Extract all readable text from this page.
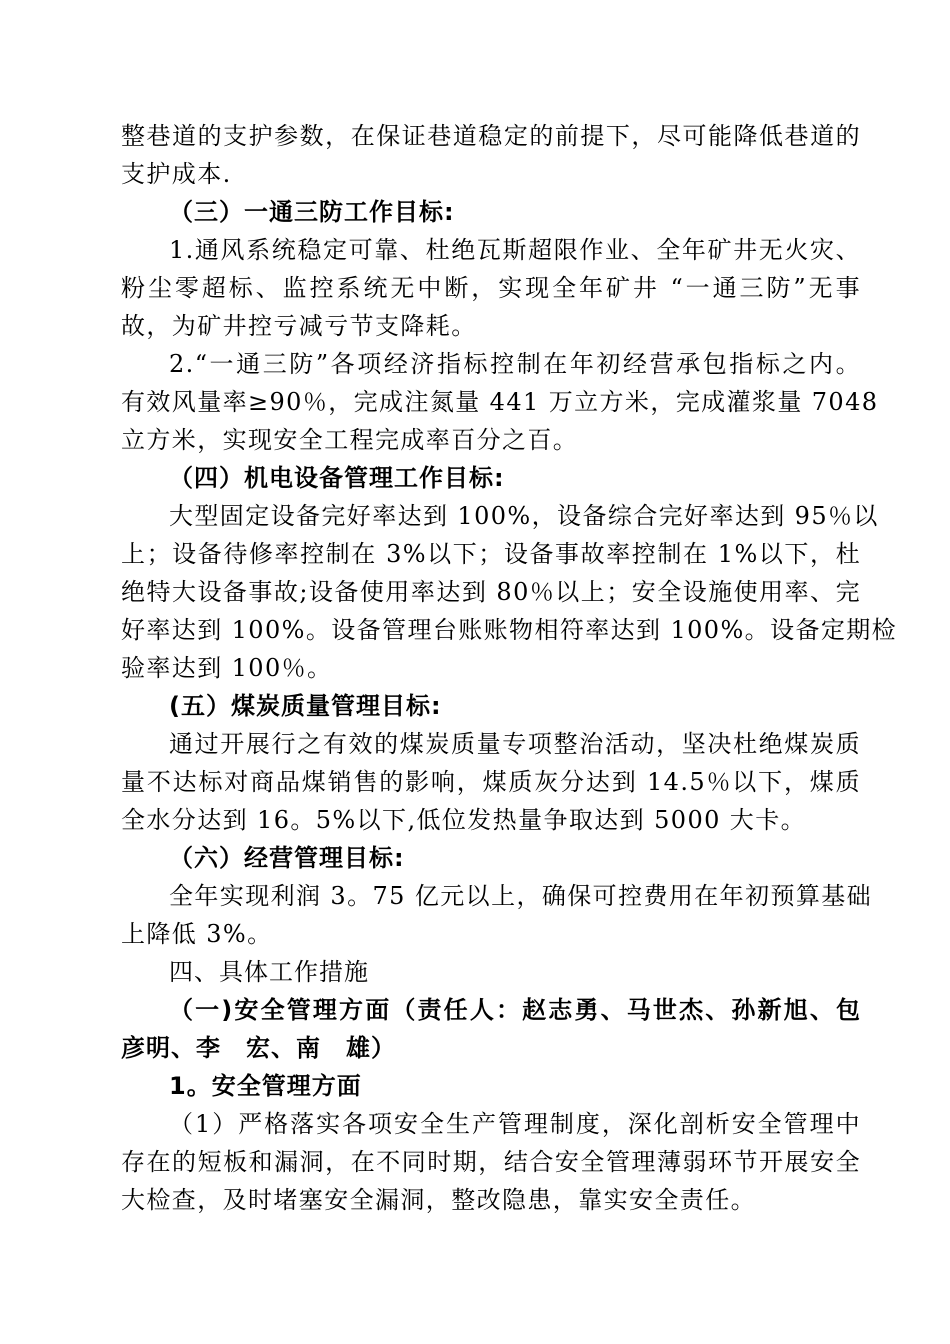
整巷道的支护参数，在保证巷道稳定的前提下，尽可能降低巷道的
支护成本.
（三）一通三防工作目标:
1.通风系统稳定可靠、杜绝瓦斯超限作业、全年矿井无火灾、
粉尘零超标、监控系统无中断，实现全年矿井 “一通三防”无事
故，为矿井控亏减亏节支降耗。
2.“一通三防”各项经济指标控制在年初经营承包指标之内。
有效风量率≥90％，完成注氮量 441 万立方米，完成灌浆量 7048
立方米，实现安全工程完成率百分之百。
（四）机电设备管理工作目标:
大型固定设备完好率达到 100%，设备综合完好率达到 95％以
上；设备待修率控制在 3%以下；设备事故率控制在 1%以下，杜
绝特大设备事故;设备使用率达到 80％以上；安全设施使用率、完
好率达到 100%。设备管理台账账物相符率达到 100%。设备定期检
验率达到 100％。
(五）煤炭质量管理目标:
通过开展行之有效的煤炭质量专项整治活动，坚决杜绝煤炭质
量不达标对商品煤销售的影响，煤质灰分达到 14.5％以下，煤质
全水分达到 16。5%以下,低位发热量争取达到 5000 大卡。
（六）经营管理目标:
全年实现利润 3。75 亿元以上，确保可控费用在年初预算基础
上降低 3%。
四、具体工作措施
（一)安全管理方面（责任人：赵志勇、马世杰、孙新旭、包
彦明、李　宏、南　雄）
1。安全管理方面
（1）严格落实各项安全生产管理制度，深化剖析安全管理中
存在的短板和漏洞，在不同时期，结合安全管理薄弱环节开展安全
大检查，及时堵塞安全漏洞，整改隐患，靠实安全责任。
